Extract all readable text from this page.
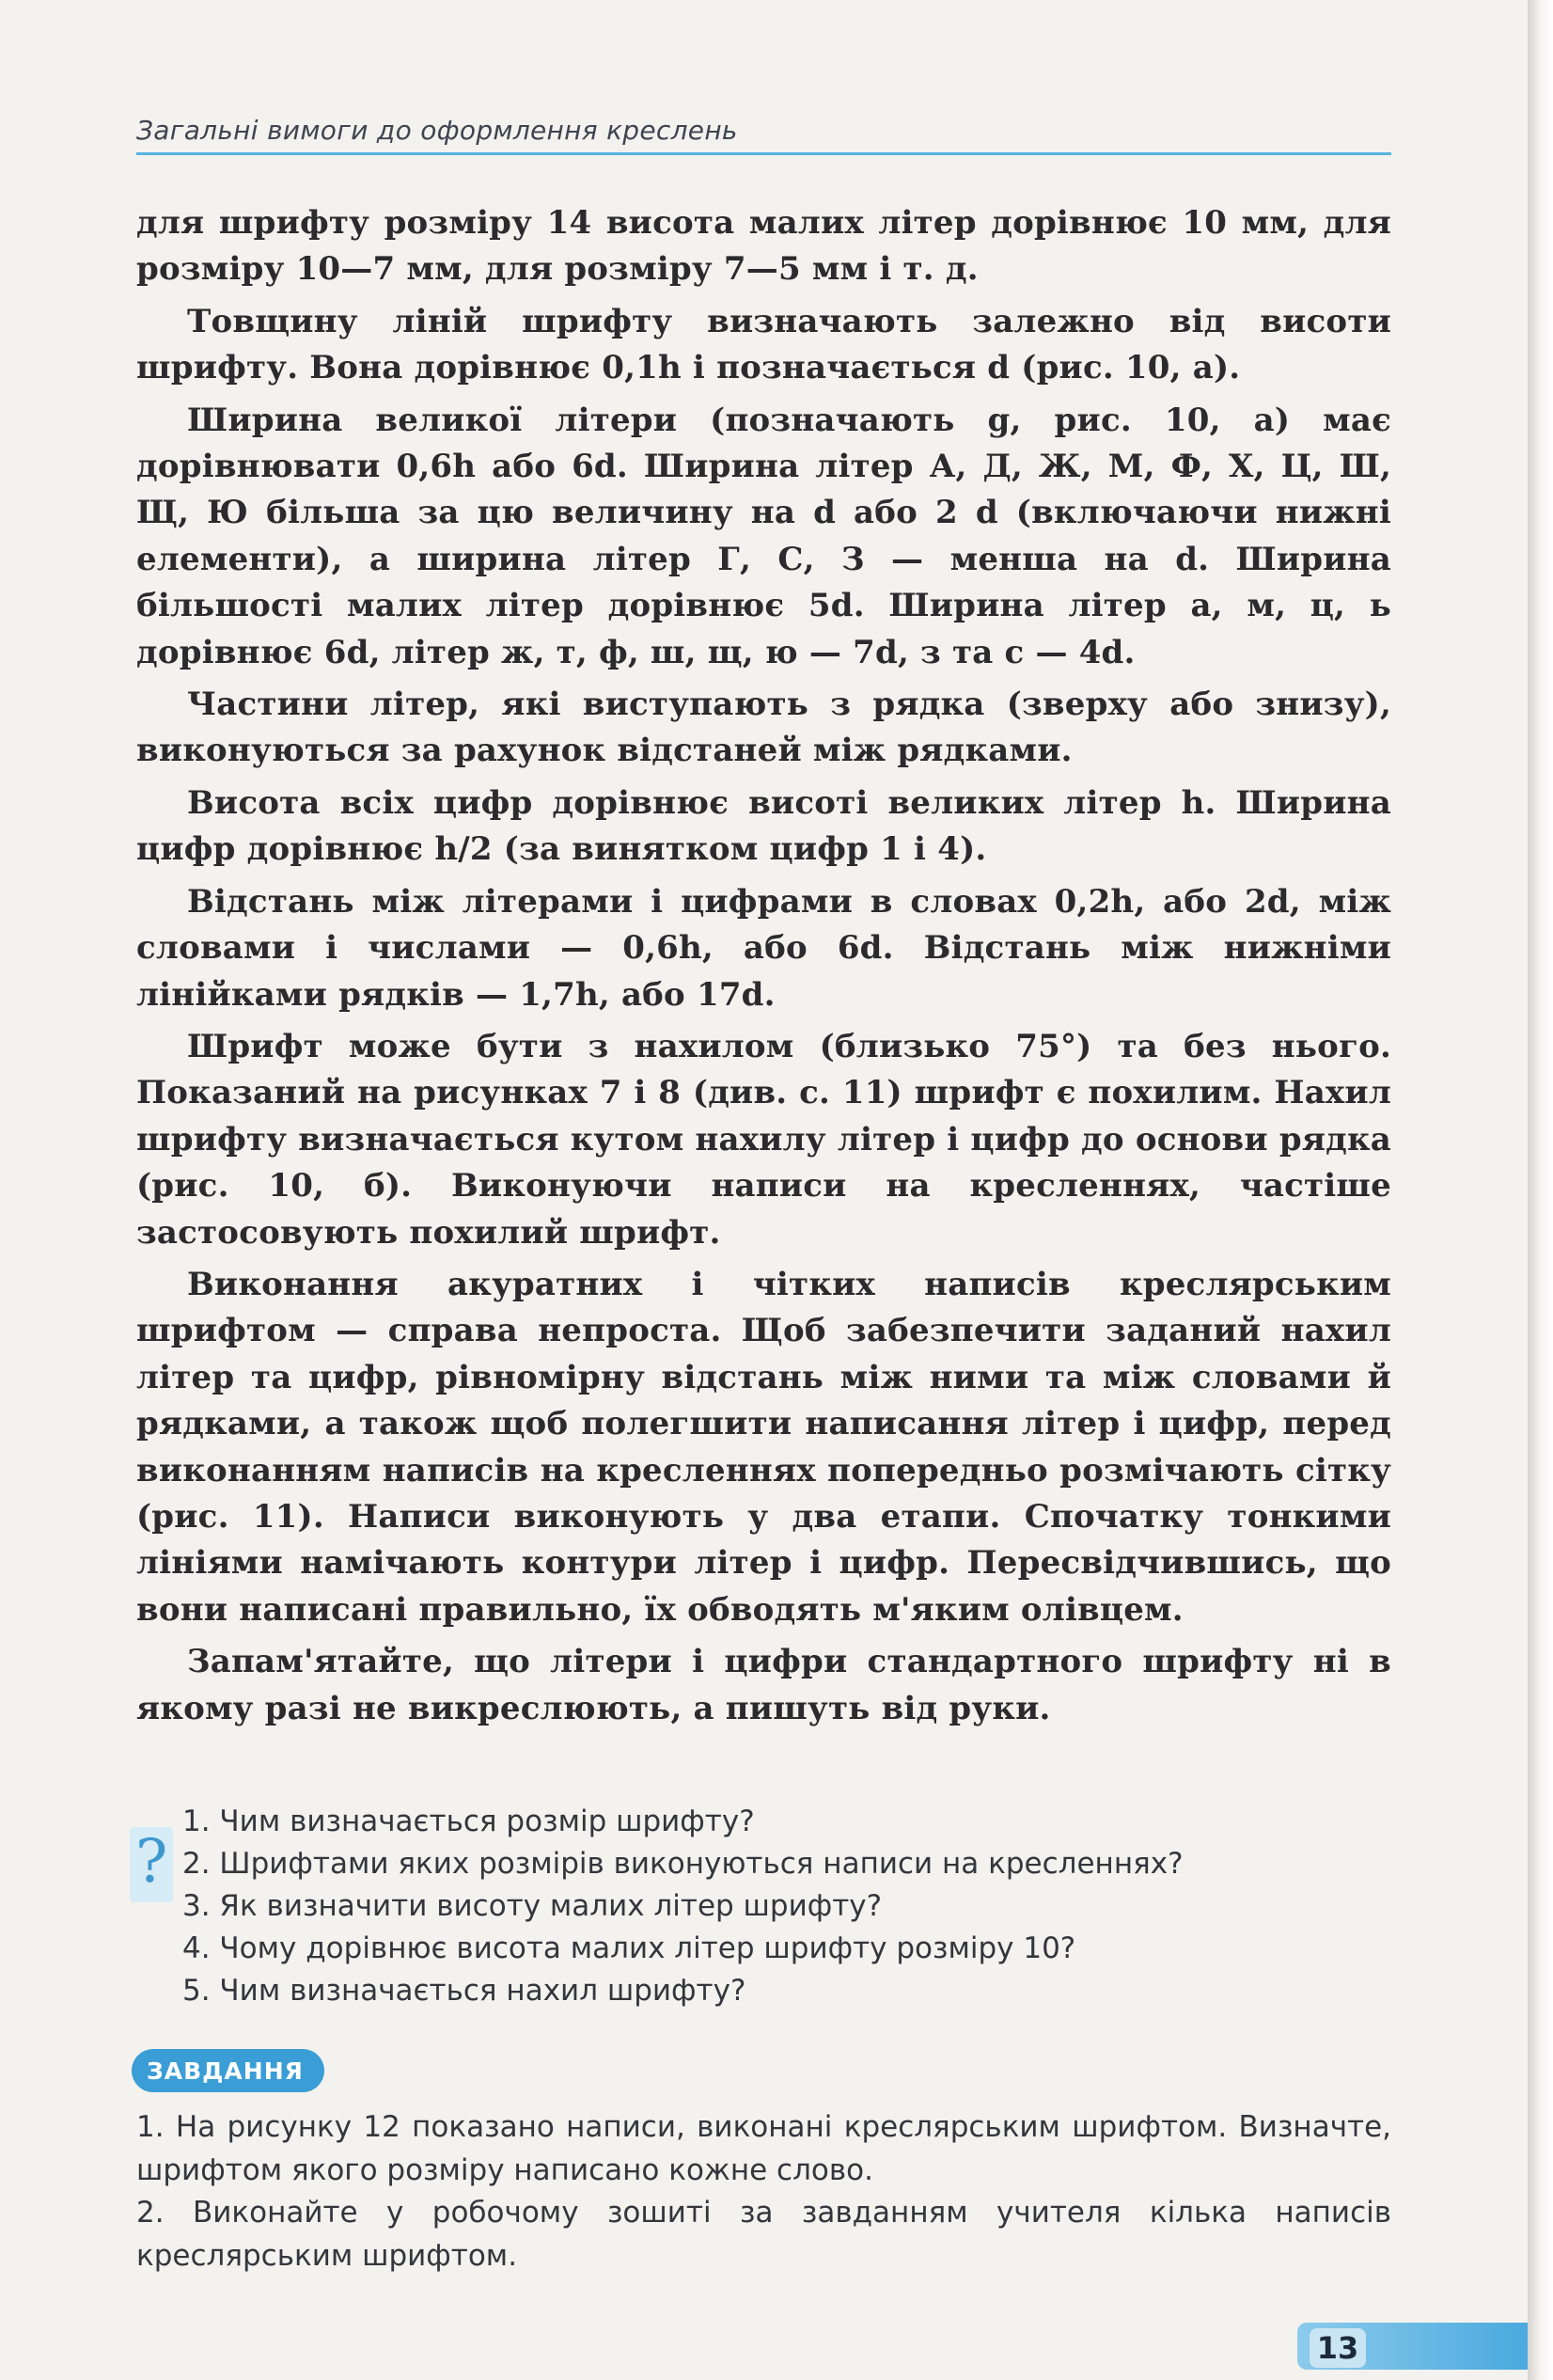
Загальні вимоги до оформлення креслень

для шрифту розміру 14 висота малих літер дорівнює 10 мм, для розміру 10—7 мм, для розміру 7—5 мм і т. д.

Товщину ліній шрифту визначають залежно від висоти шрифту. Вона дорівнює 0,1h і позначається d (рис. 10, а).

Ширина великої літери (позначають g, рис. 10, а) має дорівнювати 0,6h або 6d. Ширина літер А, Д, Ж, М, Ф, Х, Ц, Ш, Щ, Ю більша за цю величину на d або 2 d (включаючи нижні елементи), а ширина літер Г, С, З — менша на d. Ширина більшості малих літер дорівнює 5d. Ширина літер а, м, ц, ь дорівнює 6d, літер ж, т, ф, ш, щ, ю — 7d, з та с — 4d.

Частини літер, які виступають з рядка (зверху або знизу), виконуються за рахунок відстаней між рядками.

Висота всіх цифр дорівнює висоті великих літер h. Ширина цифр дорівнює h/2 (за винятком цифр 1 і 4).

Відстань між літерами і цифрами в словах 0,2h, або 2d, між словами і числами — 0,6h, або 6d. Відстань між нижніми лінійками рядків — 1,7h, або 17d.

Шрифт може бути з нахилом (близько 75°) та без нього. Показаний на рисунках 7 і 8 (див. с. 11) шрифт є похилим. Нахил шрифту визначається кутом нахилу літер і цифр до основи рядка (рис. 10, б). Виконуючи написи на кресленнях, частіше застосовують похилий шрифт.

Виконання акуратних і чітких написів креслярським шрифтом — справа непроста. Щоб забезпечити заданий нахил літер та цифр, рівномірну відстань між ними та між словами й рядками, а також щоб полегшити написання літер і цифр, перед виконанням написів на кресленнях попередньо розмічають сітку (рис. 11). Написи виконують у два етапи. Спочатку тонкими лініями намічають контури літер і цифр. Пересвідчившись, що вони написані правильно, їх обводять м'яким олівцем.

Запам'ятайте, що літери і цифри стандартного шрифту ні в якому разі не викреслюють, а пишуть від руки.

?
1. Чим визначається розмір шрифту?
2. Шрифтами яких розмірів виконуються написи на кресленнях?
3. Як визначити висоту малих літер шрифту?
4. Чому дорівнює висота малих літер шрифту розміру 10?
5. Чим визначається нахил шрифту?
ЗАВДАННЯ

1. На рисунку 12 показано написи, виконані креслярським шрифтом. Визначте, шрифтом якого розміру написано кожне слово.

2. Виконайте у робочому зошиті за завданням учителя кілька написів креслярським шрифтом.

13
